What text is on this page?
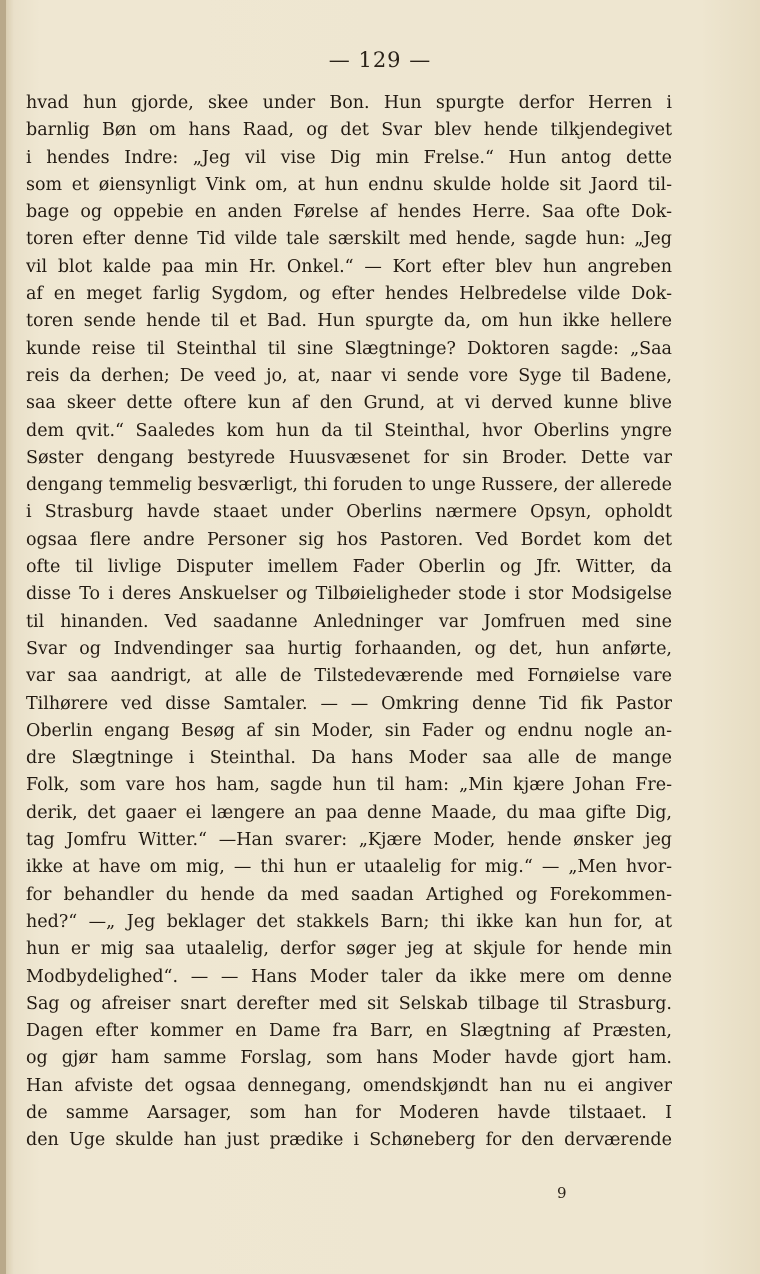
— 129 —
hvad hun gjorde, skee under Bon. Hun spurgte derfor Herren i
barnlig Bøn om hans Raad, og det Svar blev hende tilkjendegivet
i hendes Indre: „Jeg vil vise Dig min Frelse.“ Hun antog dette
som et øiensynligt Vink om, at hun endnu skulde holde sit Jaord til-
bage og oppebie en anden Førelse af hendes Herre. Saa ofte Dok-
toren efter denne Tid vilde tale særskilt med hende, sagde hun: „Jeg
vil blot kalde paa min Hr. Onkel.“ — Kort efter blev hun angreben
af en meget farlig Sygdom, og efter hendes Helbredelse vilde Dok-
toren sende hende til et Bad. Hun spurgte da, om hun ikke hellere
kunde reise til Steinthal til sine Slægtninge? Doktoren sagde: „Saa
reis da derhen; De veed jo, at, naar vi sende vore Syge til Badene,
saa skeer dette oftere kun af den Grund, at vi derved kunne blive
dem qvit.“ Saaledes kom hun da til Steinthal, hvor Oberlins yngre
Søster dengang bestyrede Huusvæsenet for sin Broder. Dette var
dengang temmelig besværligt, thi foruden to unge Russere, der allerede
i Strasburg havde staaet under Oberlins nærmere Opsyn, opholdt
ogsaa flere andre Personer sig hos Pastoren. Ved Bordet kom det
ofte til livlige Disputer imellem Fader Oberlin og Jfr. Witter, da
disse To i deres Anskuelser og Tilbøieligheder stode i stor Modsigelse
til hinanden. Ved saadanne Anledninger var Jomfruen med sine
Svar og Indvendinger saa hurtig forhaanden, og det, hun anførte,
var saa aandrigt, at alle de Tilstedeværende med Fornøielse vare
Tilhørere ved disse Samtaler. — — Omkring denne Tid fik Pastor
Oberlin engang Besøg af sin Moder, sin Fader og endnu nogle an-
dre Slægtninge i Steinthal. Da hans Moder saa alle de mange
Folk, som vare hos ham, sagde hun til ham: „Min kjære Johan Fre-
derik, det gaaer ei længere an paa denne Maade, du maa gifte Dig,
tag Jomfru Witter.“ —Han svarer: „Kjære Moder, hende ønsker jeg
ikke at have om mig, — thi hun er utaalelig for mig.“ — „Men hvor-
for behandler du hende da med saadan Artighed og Forekommen-
hed?“ —„ Jeg beklager det stakkels Barn; thi ikke kan hun for, at
hun er mig saa utaalelig, derfor søger jeg at skjule for hende min
Modbydelighed“. — — Hans Moder taler da ikke mere om denne
Sag og afreiser snart derefter med sit Selskab tilbage til Strasburg.
Dagen efter kommer en Dame fra Barr, en Slægtning af Præsten,
og gjør ham samme Forslag, som hans Moder havde gjort ham.
Han afviste det ogsaa dennegang, omendskjøndt han nu ei angiver
de samme Aarsager, som han for Moderen havde tilstaaet. I
den Uge skulde han just prædike i Schøneberg for den derværende
9
